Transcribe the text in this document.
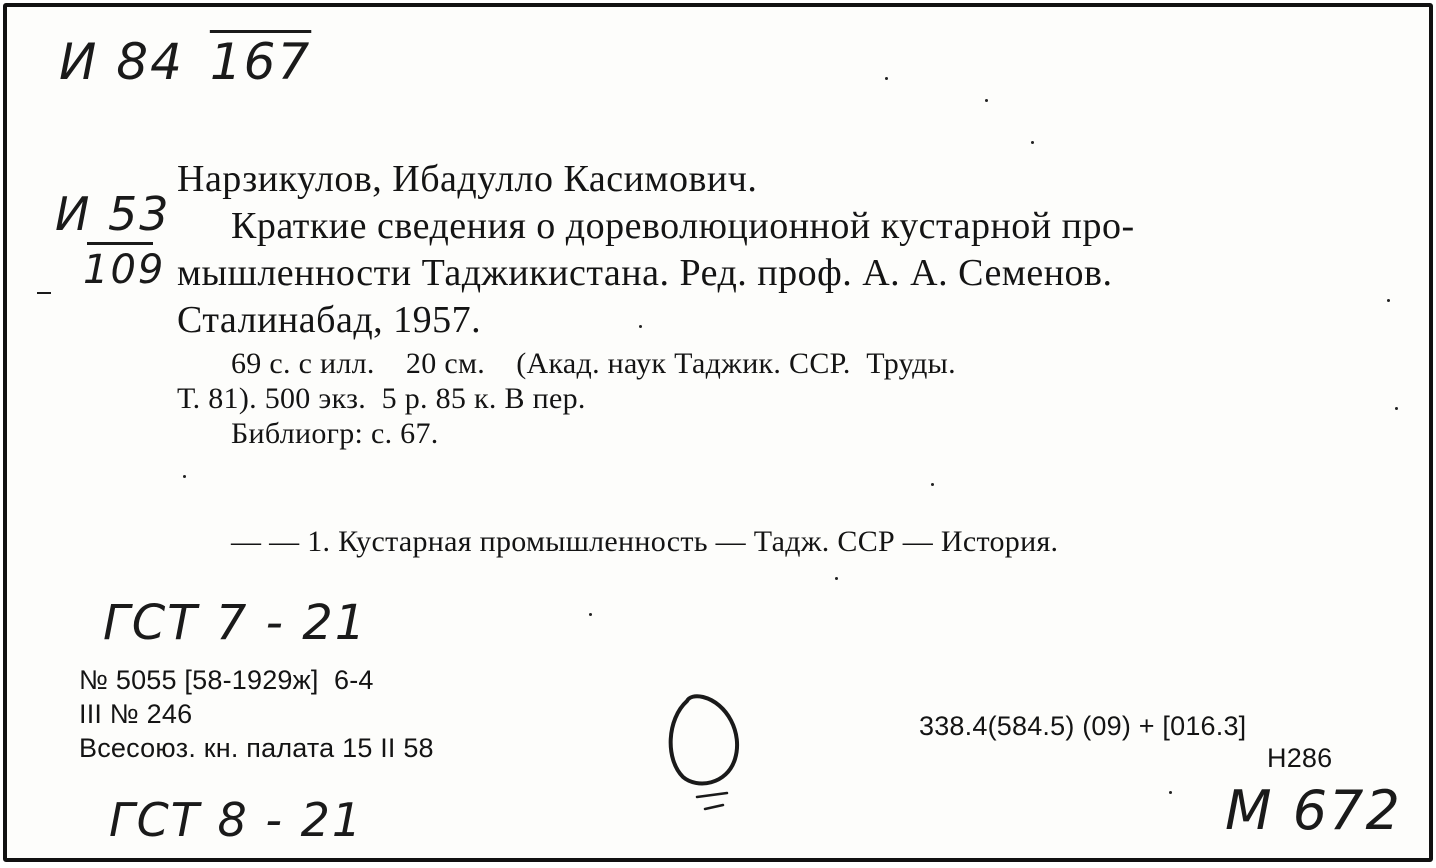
И 84 167
И 53
109
Нарзикулов, Ибадулло Касимович.
Краткие сведения о дореволюционной кустарной про-
мышленности Таджикистана. Ред. проф. А. А. Семенов.
Сталинабад, 1957.
69 с. с илл.    20 см.    (Акад. наук Таджик. ССР.  Труды.
Т. 81). 500 экз.  5 р. 85 к. В пер.
Библиогр: с. 67.
— — 1. Кустарная промышленность — Тадж. ССР — История.
ГСТ 7 - 21
№ 5055 [58-1929ж]  6-4
III № 246
Всесоюз. кн. палата 15 II 58
ГСТ 8 - 21
338.4(584.5) (09) + [016.3]
Н286
М 672
